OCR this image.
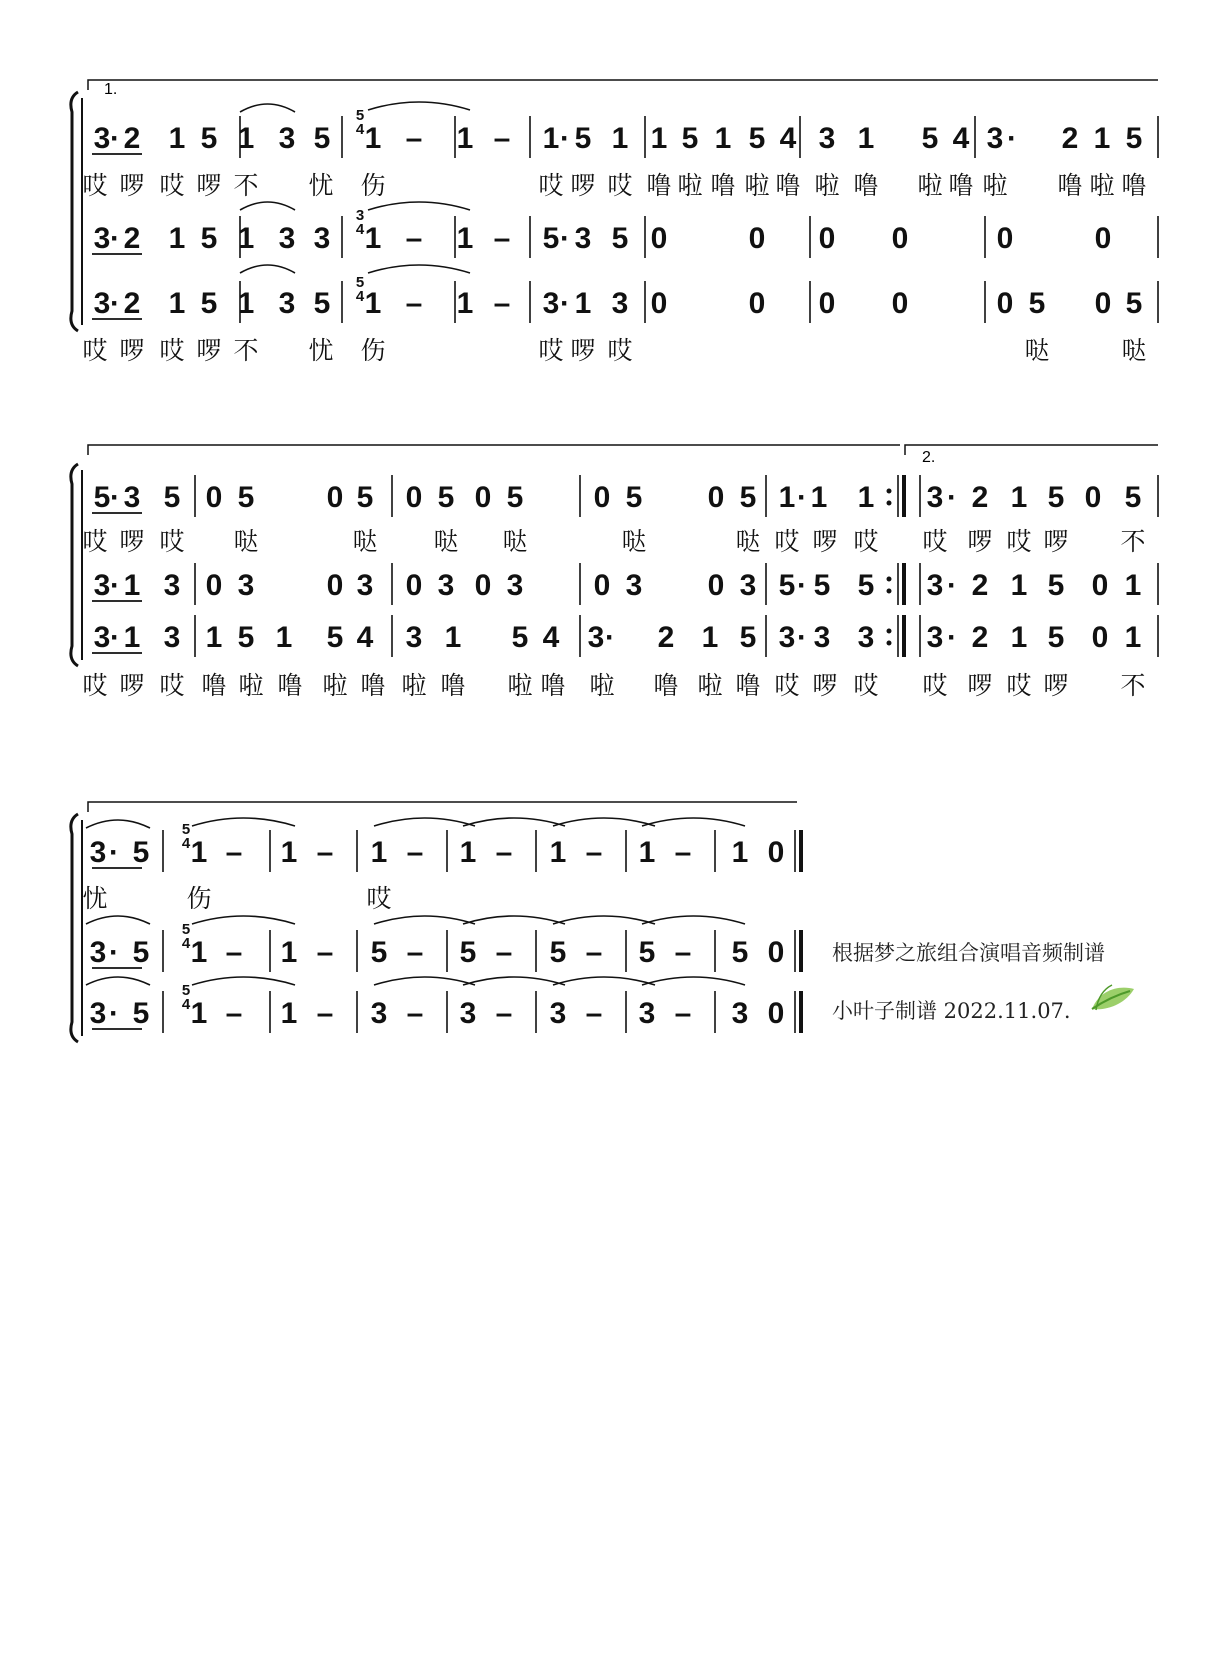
1.
3 · 2 1 5 1 3 5 1 – 1 – 1 · 5 1 1 5 1 5 4 3 1 5 4 3 · 2 1 5
哎 啰 哎 啰 不 忧 伤	哎 啰 哎 噜 啦 噜 啦 噜 啦 噜 啦 噜 啦 噜 啦 噜
3 · 2 1 5 1 3 3 1 – 1 – 5 · 3 5 0	0 0 0	0	0
3 · 2 1 5 1 3 5 1 – 1 – 3 · 1 3 0	0 0 0	0 5 0 5
哎 啰 哎 啰 不 忧 伤	哎 啰 哎	哒	哒
2.
5 · 3 5 0 5 0 5 0 5 0 5 0 5 0 5 1 · 1 1 3 · 2 1 5 0 5
哎 啰 哎 哒	哒 哒 哒	哒	哒 哎 啰 哎 哎 啰 哎 啰 不
3 · 1 3 0 3 0 3 0 3 0 3 0 3 0 3 5 · 5 5 3 · 2 1 5 0 1
3 · 1 3 1 5 1 5 4 3 1 5 4 3 · 2 1 5 3 · 3 3 3 · 2 1 5 0 1
哎 啰 哎 噜 啦 噜 啦 噜 啦 噜 啦 噜 啦 噜 啦 噜 哎 啰 哎 哎 啰 哎 啰 不
3 · 5 1 – 1 – 1 – 1 – 1 – 1 – 1 0
忧	伤	哎
3 · 5 1 – 1 – 5 – 5 – 5 – 5 – 5 0
3 · 5 1 – 1 – 3 – 3 – 3 – 3 – 3 0
5
4
3
4
5
4
5
4
5
4
5
4
根据梦之旅组合演唱音频制谱
小叶子制谱 2022.11.07.
